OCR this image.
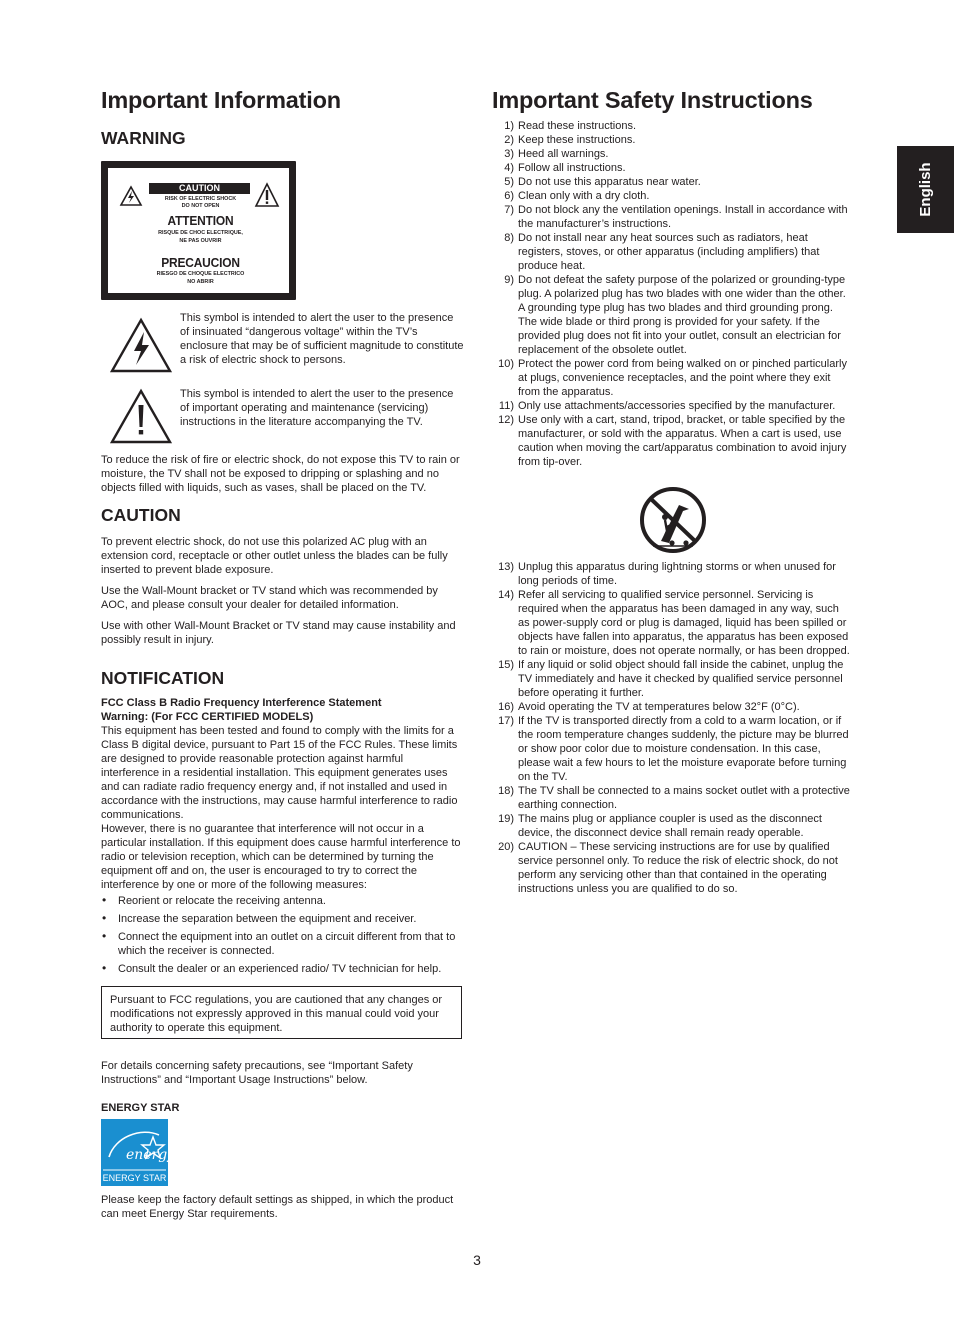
Important Information
WARNING
CAUTION
RISK OF ELECTRIC SHOCK
DO NOT OPEN
ATTENTION
RISQUE DE CHOC ELECTRIQUE,
NE PAS OUVRIR
PRECAUCION
RIESGO DE CHOQUE ELECTRICO
NO ABRIR
This symbol is intended to alert the user to the presence of insinuated “dangerous voltage” within the TV’s enclosure that may be of sufficient magnitude to constitute a risk of electric shock to persons.
This symbol is intended to alert the user to the presence of important operating and maintenance (servicing) instructions in the literature accompanying the TV.
To reduce the risk of fire or electric shock, do not expose this TV to rain or moisture, the TV shall not be exposed to dripping or splashing and no objects filled with liquids, such as vases, shall be placed on the TV.
CAUTION
To prevent electric shock, do not use this polarized AC plug with an extension cord, receptacle or other outlet unless the blades can be fully inserted to prevent blade exposure.
Use the Wall-Mount bracket or TV stand which was recommended by AOC, and please consult your dealer for detailed information.
Use with other Wall-Mount Bracket or TV stand may cause instability and possibly result in injury.
NOTIFICATION
FCC Class B Radio Frequency Interference Statement
Warning: (For FCC CERTIFIED MODELS)
This equipment has been tested and found to comply with the limits for a Class B digital device, pursuant to Part 15 of the FCC Rules. These limits are designed to provide reasonable protection against harmful interference in a residential installation. This equipment generates uses and can radiate radio frequency energy and, if not installed and used in accordance with the instructions, may cause harmful interference to radio communications.
However, there is no guarantee that interference will not occur in a particular installation. If this equipment does cause harmful interference to radio or television reception, which can be determined by turning the equipment off and on, the user is encouraged to try to correct the interference by one or more of the following measures:
• Reorient or relocate the receiving antenna.
• Increase the separation between the equipment and receiver.
• Connect the equipment into an outlet on a circuit different from that to which the receiver is connected.
• Consult the dealer or an experienced radio/ TV technician for help.
Pursuant to FCC regulations, you are cautioned that any changes or modifications not expressly approved in this manual could void your authority to operate this equipment.
For details concerning safety precautions, see “Important Safety Instructions” and “Important Usage Instructions” below.
ENERGY STAR
energy
ENERGY STAR
Please keep the factory default settings as shipped, in which the product can meet Energy Star requirements.
Important Safety Instructions
1) Read these instructions.
2) Keep these instructions.
3) Heed all warnings.
4) Follow all instructions.
5) Do not use this apparatus near water.
6) Clean only with a dry cloth.
7) Do not block any the ventilation openings. Install in accordance with the manufacturer’s instructions.
8) Do not install near any heat sources such as radiators, heat registers, stoves, or other apparatus (including amplifiers) that produce heat.
9) Do not defeat the safety purpose of the polarized or grounding-type plug. A polarized plug has two blades with one wider than the other. A grounding type plug has two blades and third grounding prong. The wide blade or third prong is provided for your safety. If the provided plug does not fit into your outlet, consult an electrician for replacement of the obsolete outlet.
10) Protect the power cord from being walked on or pinched particularly at plugs, convenience receptacles, and the point where they exit from the apparatus.
11) Only use attachments/accessories specified by the manufacturer.
12) Use only with a cart, stand, tripod, bracket, or table specified by the manufacturer, or sold with the apparatus. When a cart is used, use caution when moving the cart/apparatus combination to avoid injury from tip-over.
13) Unplug this apparatus during lightning storms or when unused for long periods of time.
14) Refer all servicing to qualified service personnel. Servicing is required when the apparatus has been damaged in any way, such as power-supply cord or plug is damaged, liquid has been spilled or objects have fallen into apparatus, the apparatus has been exposed to rain or moisture, does not operate normally, or has been dropped.
15) If any liquid or solid object should fall inside the cabinet, unplug the TV immediately and have it checked by qualified service personnel before operating it further.
16) Avoid operating the TV at temperatures below 32°F (0°C).
17) If the TV is transported directly from a cold to a warm location, or if the room temperature changes suddenly, the picture may be blurred or show poor color due to moisture condensation. In this case, please wait a few hours to let the moisture evaporate before turning on the TV.
18) The TV shall be connected to a mains socket outlet with a protective earthing connection.
19) The mains plug or appliance coupler is used as the disconnect device, the disconnect device shall remain ready operable.
20) CAUTION – These servicing instructions are for use by qualified service personnel only. To reduce the risk of electric shock, do not perform any servicing other than that contained in the operating instructions unless you are qualified to do so.
English
3
